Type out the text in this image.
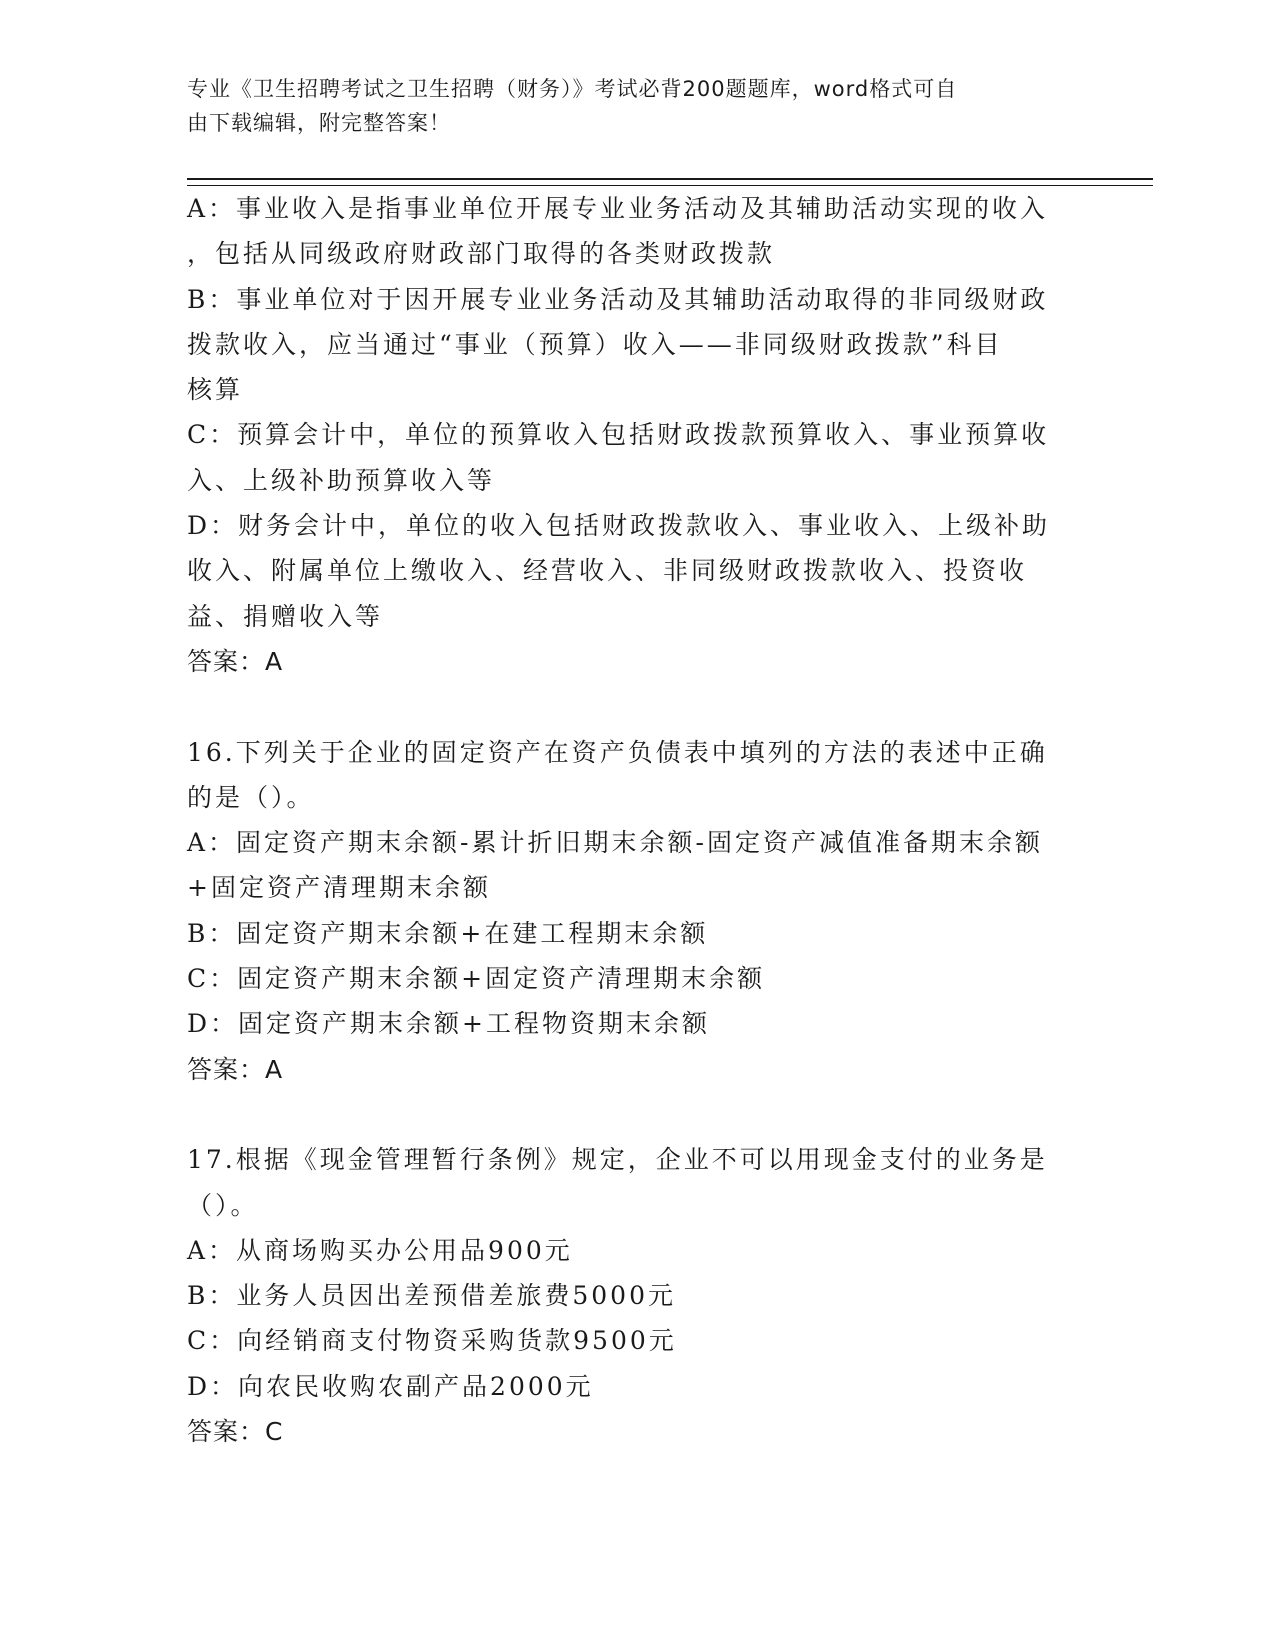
专业《卫生招聘考试之卫生招聘（财务）》考试必背200题题库，word格式可自
由下载编辑，附完整答案！
A：事业收入是指事业单位开展专业业务活动及其辅助活动实现的收入
，包括从同级政府财政部门取得的各类财政拨款
B：事业单位对于因开展专业业务活动及其辅助活动取得的非同级财政
拨款收入，应当通过“事业（预算）收入——非同级财政拨款”科目
核算
C：预算会计中，单位的预算收入包括财政拨款预算收入、事业预算收
入、上级补助预算收入等
D：财务会计中，单位的收入包括财政拨款收入、事业收入、上级补助
收入、附属单位上缴收入、经营收入、非同级财政拨款收入、投资收
益、捐赠收入等
答案：A
16.下列关于企业的固定资产在资产负债表中填列的方法的表述中正确
的是（）。
A：固定资产期末余额-累计折旧期末余额-固定资产减值准备期末余额
+固定资产清理期末余额
B：固定资产期末余额+在建工程期末余额
C：固定资产期末余额+固定资产清理期末余额
D：固定资产期末余额+工程物资期末余额
答案：A
17.根据《现金管理暂行条例》规定，企业不可以用现金支付的业务是
（）。
A：从商场购买办公用品900元
B：业务人员因出差预借差旅费5000元
C：向经销商支付物资采购货款9500元
D：向农民收购农副产品2000元
答案：C
